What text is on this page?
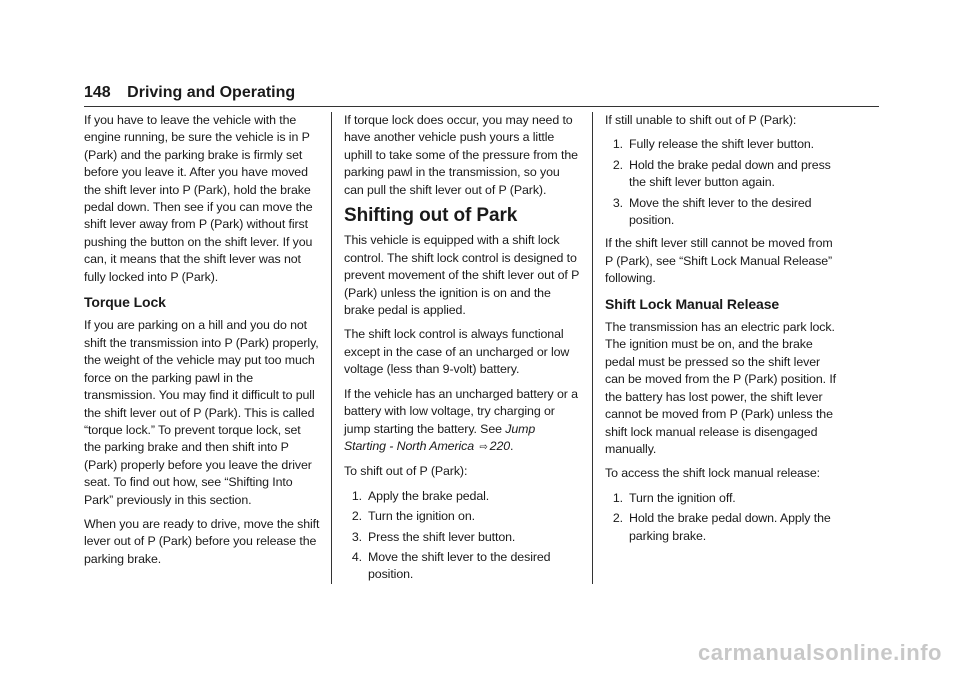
148 Driving and Operating

If you have to leave the vehicle with the engine running, be sure the vehicle is in P (Park) and the parking brake is firmly set before you leave it. After you have moved the shift lever into P (Park), hold the brake pedal down. Then see if you can move the shift lever away from P (Park) without first pushing the button on the shift lever. If you can, it means that the shift lever was not fully locked into P (Park).

Torque Lock

If you are parking on a hill and you do not shift the transmission into P (Park) properly, the weight of the vehicle may put too much force on the parking pawl in the transmission. You may find it difficult to pull the shift lever out of P (Park). This is called “torque lock.” To prevent torque lock, set the parking brake and then shift into P (Park) properly before you leave the driver seat. To find out how, see “Shifting Into Park” previously in this section.

When you are ready to drive, move the shift lever out of P (Park) before you release the parking brake.

If torque lock does occur, you may need to have another vehicle push yours a little uphill to take some of the pressure from the parking pawl in the transmission, so you can pull the shift lever out of P (Park).

Shifting out of Park

This vehicle is equipped with a shift lock control. The shift lock control is designed to prevent movement of the shift lever out of P (Park) unless the ignition is on and the brake pedal is applied.

The shift lock control is always functional except in the case of an uncharged or low voltage (less than 9-volt) battery.

If the vehicle has an uncharged battery or a battery with low voltage, try charging or jump starting the battery. See Jump Starting - North America ⇨ 220.

To shift out of P (Park):

1. Apply the brake pedal.
2. Turn the ignition on.
3. Press the shift lever button.
4. Move the shift lever to the desired position.

If still unable to shift out of P (Park):

1. Fully release the shift lever button.
2. Hold the brake pedal down and press the shift lever button again.
3. Move the shift lever to the desired position.

If the shift lever still cannot be moved from P (Park), see “Shift Lock Manual Release” following.

Shift Lock Manual Release

The transmission has an electric park lock. The ignition must be on, and the brake pedal must be pressed so the shift lever can be moved from the P (Park) position. If the battery has lost power, the shift lever cannot be moved from P (Park) unless the shift lock manual release is disengaged manually.

To access the shift lock manual release:

1. Turn the ignition off.
2. Hold the brake pedal down. Apply the parking brake.
carmanualsonline.info
